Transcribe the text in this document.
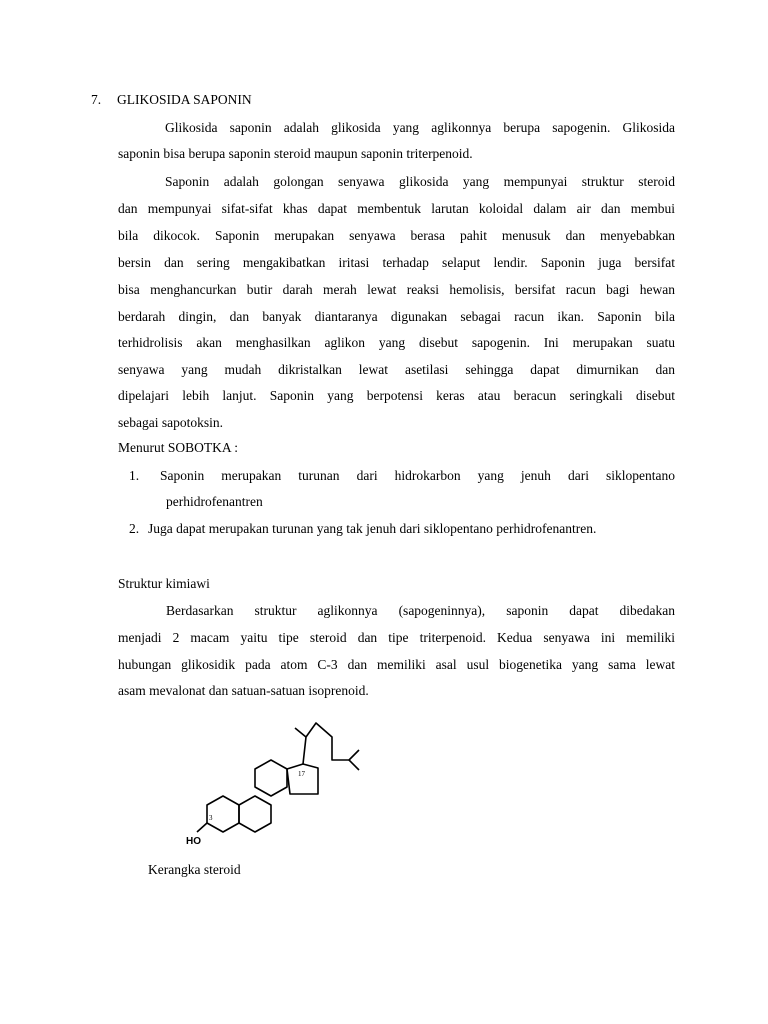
7. GLIKOSIDA SAPONIN
Glikosida saponin adalah glikosida yang aglikonnya berupa sapogenin. Glikosida
saponin bisa berupa saponin steroid maupun saponin triterpenoid.
Saponin adalah golongan senyawa glikosida yang mempunyai struktur steroid
dan mempunyai sifat-sifat khas dapat membentuk larutan koloidal dalam air dan membui
bila dikocok. Saponin merupakan senyawa berasa pahit menusuk dan menyebabkan
bersin dan sering mengakibatkan iritasi terhadap selaput lendir. Saponin juga bersifat
bisa menghancurkan butir darah merah lewat reaksi hemolisis, bersifat racun bagi hewan
berdarah dingin, dan banyak diantaranya digunakan sebagai racun ikan. Saponin bila
terhidrolisis akan menghasilkan aglikon yang disebut sapogenin. Ini merupakan suatu
senyawa yang mudah dikristalkan lewat asetilasi sehingga dapat dimurnikan dan
dipelajari lebih lanjut. Saponin yang berpotensi keras atau beracun seringkali disebut
sebagai sapotoksin.
Menurut SOBOTKA :
1. Saponin merupakan turunan dari hidrokarbon yang jenuh dari siklopentano
perhidrofenantren
2. Juga dapat merupakan turunan yang tak jenuh dari siklopentano perhidrofenantren.
Struktur kimiawi
Berdasarkan struktur aglikonnya (sapogeninnya), saponin dapat dibedakan
menjadi 2 macam yaitu tipe steroid dan tipe triterpenoid. Kedua senyawa ini memiliki
hubungan glikosidik pada atom C-3 dan memiliki asal usul biogenetika yang sama lewat
asam mevalonat dan satuan-satuan isoprenoid.
HO
3
17
Kerangka steroid
